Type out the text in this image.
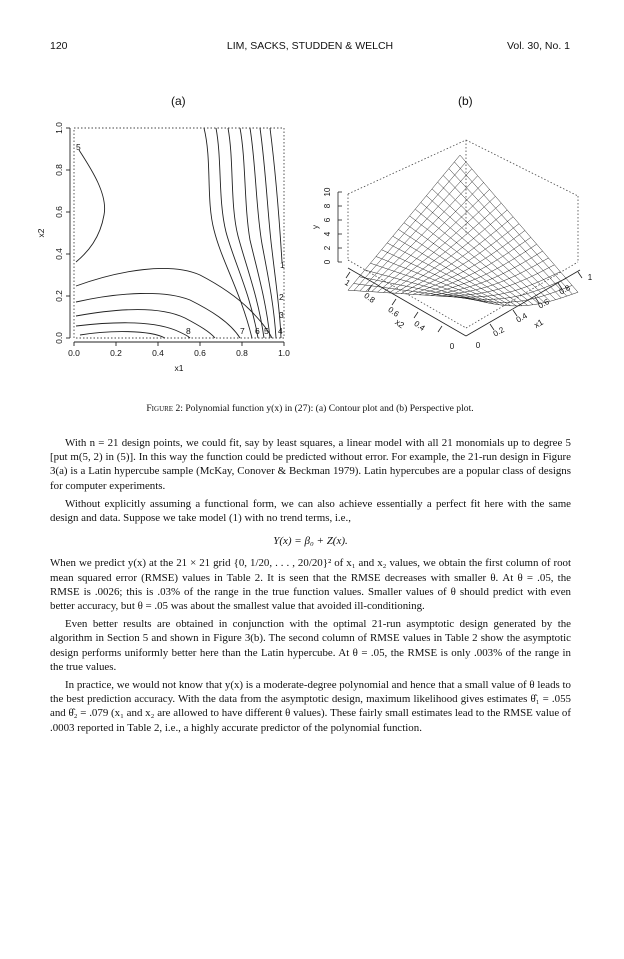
120	LIM, SACKS, STUDDEN & WELCH	Vol. 30, No. 1
(a)	(b)
5
8	7 6 5 4
3
2
1
0.0	0.2	0.4	0.6	0.8	1.0
0.0
0.2
0.4
0.6
0.8
1.0
x1
x2
0
2
4
6
8
10
y
1
0.8
0.6
0.4
0
x2
0
0.2
0.4
0.6
0.8
1
x1
Figure 2: Polynomial function y(x) in (27): (a) Contour plot and (b) Perspective plot.

With n = 21 design points, we could fit, say by least squares, a linear model with all 21 monomials up to degree 5 [put m(5, 2) in (5)]. In this way the function could be predicted without error. For example, the 21-run design in Figure 3(a) is a Latin hypercube sample (McKay, Conover & Beckman 1979). Latin hypercubes are a popular class of designs for computer experiments.

Without explicitly assuming a functional form, we can also achieve essentially a perfect fit here with the same design and data. Suppose we take model (1) with no trend terms, i.e.,

Y(x) = β₀ + Z(x).

When we predict y(x) at the 21 × 21 grid {0, 1/20, . . . , 20/20}² of x₁ and x₂ values, we obtain the first column of root mean squared error (RMSE) values in Table 2. It is seen that the RMSE decreases with smaller θ. At θ = .05, the RMSE is .0026; this is .03% of the range in the true function values. Smaller values of θ should predict with even better accuracy, but θ = .05 was about the smallest value that avoided ill-conditioning.

Even better results are obtained in conjunction with the optimal 21-run asymptotic design generated by the algorithm in Section 5 and shown in Figure 3(b). The second column of RMSE values in Table 2 show the asymptotic design performs uniformly better here than the Latin hypercube. At θ = .05, the RMSE is only .003% of the range in the true values.

In practice, we would not know that y(x) is a moderate-degree polynomial and hence that a small value of θ leads to the best prediction accuracy. With the data from the asymptotic design, maximum likelihood gives estimates θ̂₁ = .055 and θ̂₂ = .079 (x₁ and x₂ are allowed to have different θ values). These fairly small estimates lead to the RMSE value of .0003 reported in Table 2, i.e., a highly accurate predictor of the polynomial function.
